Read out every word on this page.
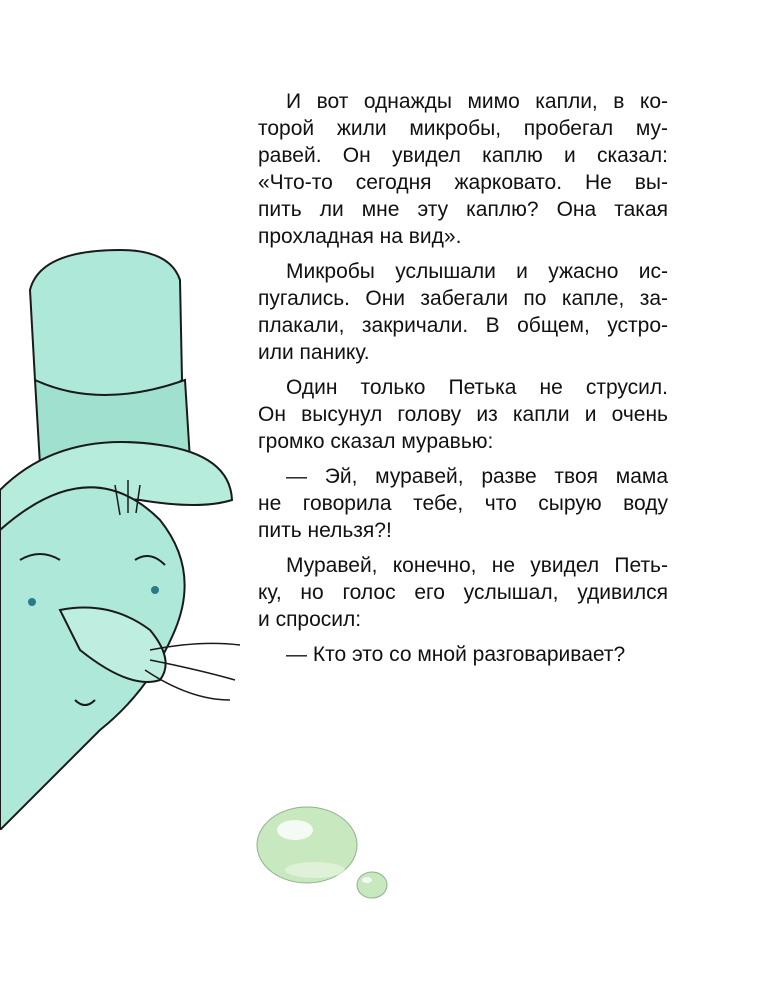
И вот однажды мимо капли, в ко-
торой жили микробы, пробегал му-
равей. Он увидел каплю и сказал:
«Что-то сегодня жарковато. Не вы-
пить ли мне эту каплю? Она такая
прохладная на вид».

Микробы услышали и ужасно ис-
пугались. Они забегали по капле, за-
плакали, закричали. В общем, устро-
или панику.

Один только Петька не струсил.
Он высунул голову из капли и очень
громко сказал муравью:

— Эй, муравей, разве твоя мама
не говорила тебе, что сырую воду
пить нельзя?!

Муравей, конечно, не увидел Петь-
ку, но голос его услышал, удивился
и спросил:

— Кто это со мной разговаривает?
